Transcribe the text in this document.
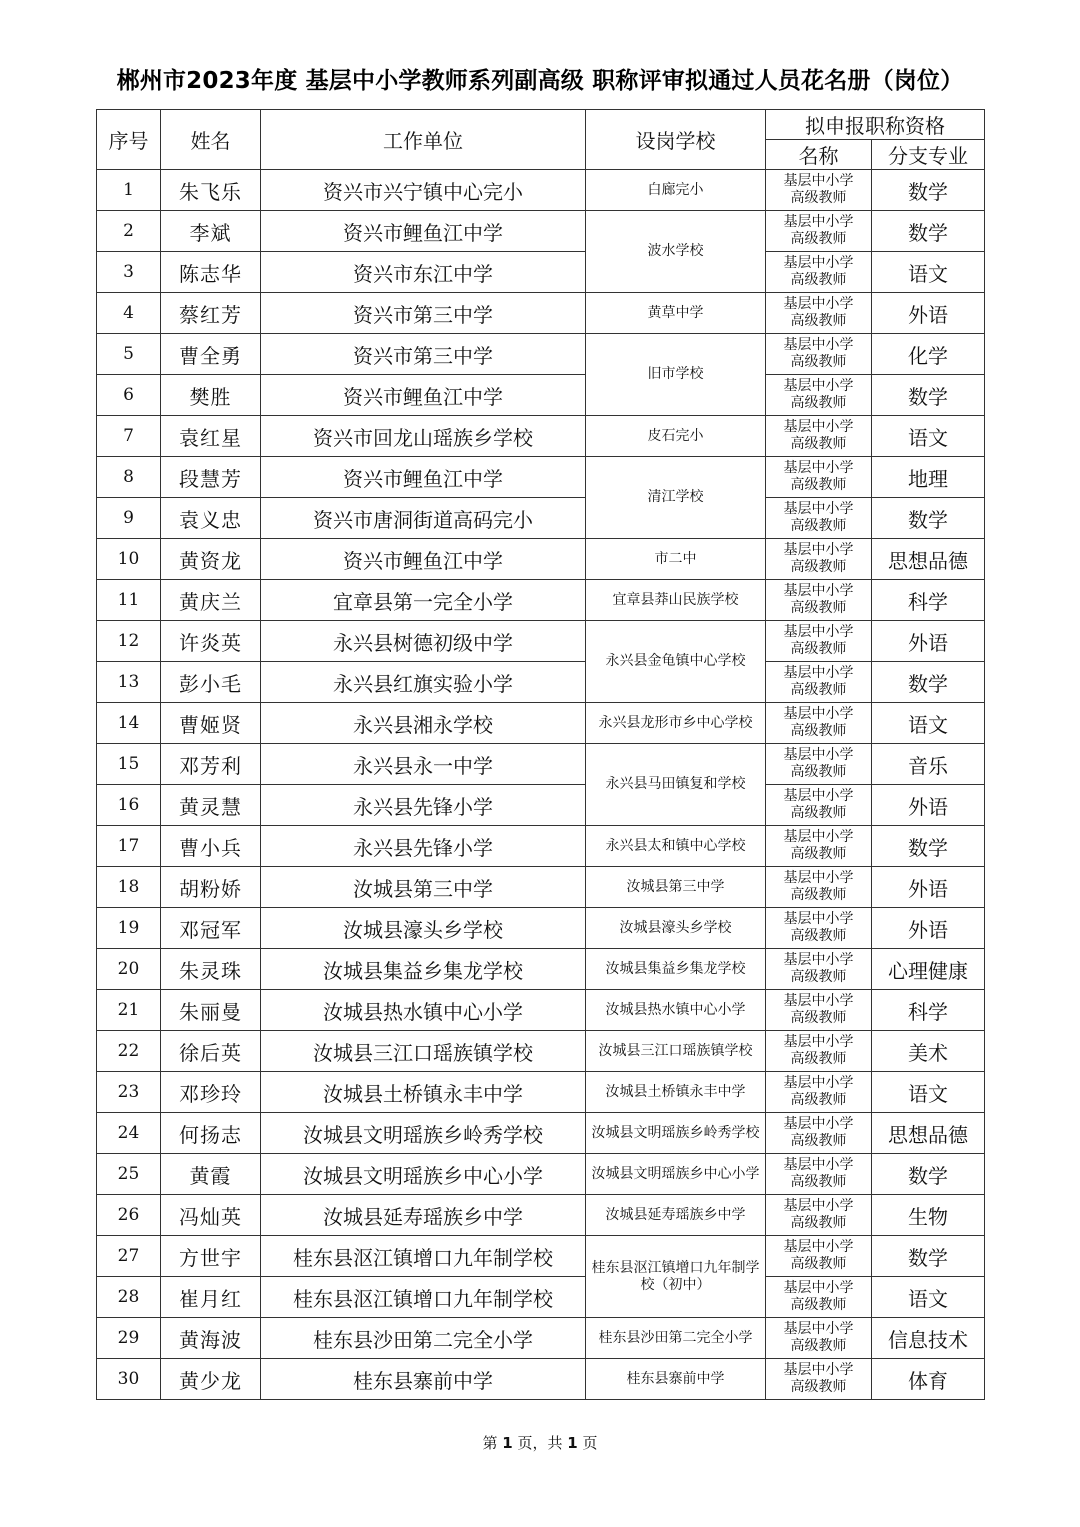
郴州市2023年度 基层中小学教师系列副高级 职称评审拟通过人员花名册（岗位）
序号	姓名	工作单位	设岗学校	拟申报职称资格	
				名称	分支专业
1	朱飞乐	资兴市兴宁镇中心完小	白廊完小	基层中小学
高级教师	数学
2	李斌	资兴市鲤鱼江中学	波水学校	基层中小学
高级教师	数学
3	陈志华	资兴市东江中学		基层中小学
高级教师	语文
4	蔡红芳	资兴市第三中学	黄草中学	基层中小学
高级教师	外语
5	曹全勇	资兴市第三中学	旧市学校	基层中小学
高级教师	化学
6	樊胜	资兴市鲤鱼江中学		基层中小学
高级教师	数学
7	袁红星	资兴市回龙山瑶族乡学校	皮石完小	基层中小学
高级教师	语文
8	段慧芳	资兴市鲤鱼江中学	清江学校	基层中小学
高级教师	地理
9	袁义忠	资兴市唐洞街道高码完小		基层中小学
高级教师	数学
10	黄资龙	资兴市鲤鱼江中学	市二中	基层中小学
高级教师	思想品德
11	黄庆兰	宜章县第一完全小学	宜章县莽山民族学校	基层中小学
高级教师	科学
12	许炎英	永兴县树德初级中学	永兴县金龟镇中心学校	基层中小学
高级教师	外语
13	彭小毛	永兴县红旗实验小学		基层中小学
高级教师	数学
14	曹姬贤	永兴县湘永学校	永兴县龙形市乡中心学校	基层中小学
高级教师	语文
15	邓芳利	永兴县永一中学	永兴县马田镇复和学校	基层中小学
高级教师	音乐
16	黄灵慧	永兴县先锋小学		基层中小学
高级教师	外语
17	曹小兵	永兴县先锋小学	永兴县太和镇中心学校	基层中小学
高级教师	数学
18	胡粉娇	汝城县第三中学	汝城县第三中学	基层中小学
高级教师	外语
19	邓冠军	汝城县濠头乡学校	汝城县濠头乡学校	基层中小学
高级教师	外语
20	朱灵珠	汝城县集益乡集龙学校	汝城县集益乡集龙学校	基层中小学
高级教师	心理健康
21	朱丽曼	汝城县热水镇中心小学	汝城县热水镇中心小学	基层中小学
高级教师	科学
22	徐后英	汝城县三江口瑶族镇学校	汝城县三江口瑶族镇学校	基层中小学
高级教师	美术
23	邓珍玲	汝城县土桥镇永丰中学	汝城县土桥镇永丰中学	基层中小学
高级教师	语文
24	何扬志	汝城县文明瑶族乡岭秀学校	汝城县文明瑶族乡岭秀学校	基层中小学
高级教师	思想品德
25	黄霞	汝城县文明瑶族乡中心小学	汝城县文明瑶族乡中心小学	基层中小学
高级教师	数学
26	冯灿英	汝城县延寿瑶族乡中学	汝城县延寿瑶族乡中学	基层中小学
高级教师	生物
27	方世宇	桂东县沤江镇增口九年制学校	桂东县沤江镇增口九年制学校（初中）	基层中小学
高级教师	数学
28	崔月红	桂东县沤江镇增口九年制学校		基层中小学
高级教师	语文
29	黄海波	桂东县沙田第二完全小学	桂东县沙田第二完全小学	基层中小学
高级教师	信息技术
30	黄少龙	桂东县寨前中学	桂东县寨前中学	基层中小学
高级教师	体育
第 1 页，共 1 页
